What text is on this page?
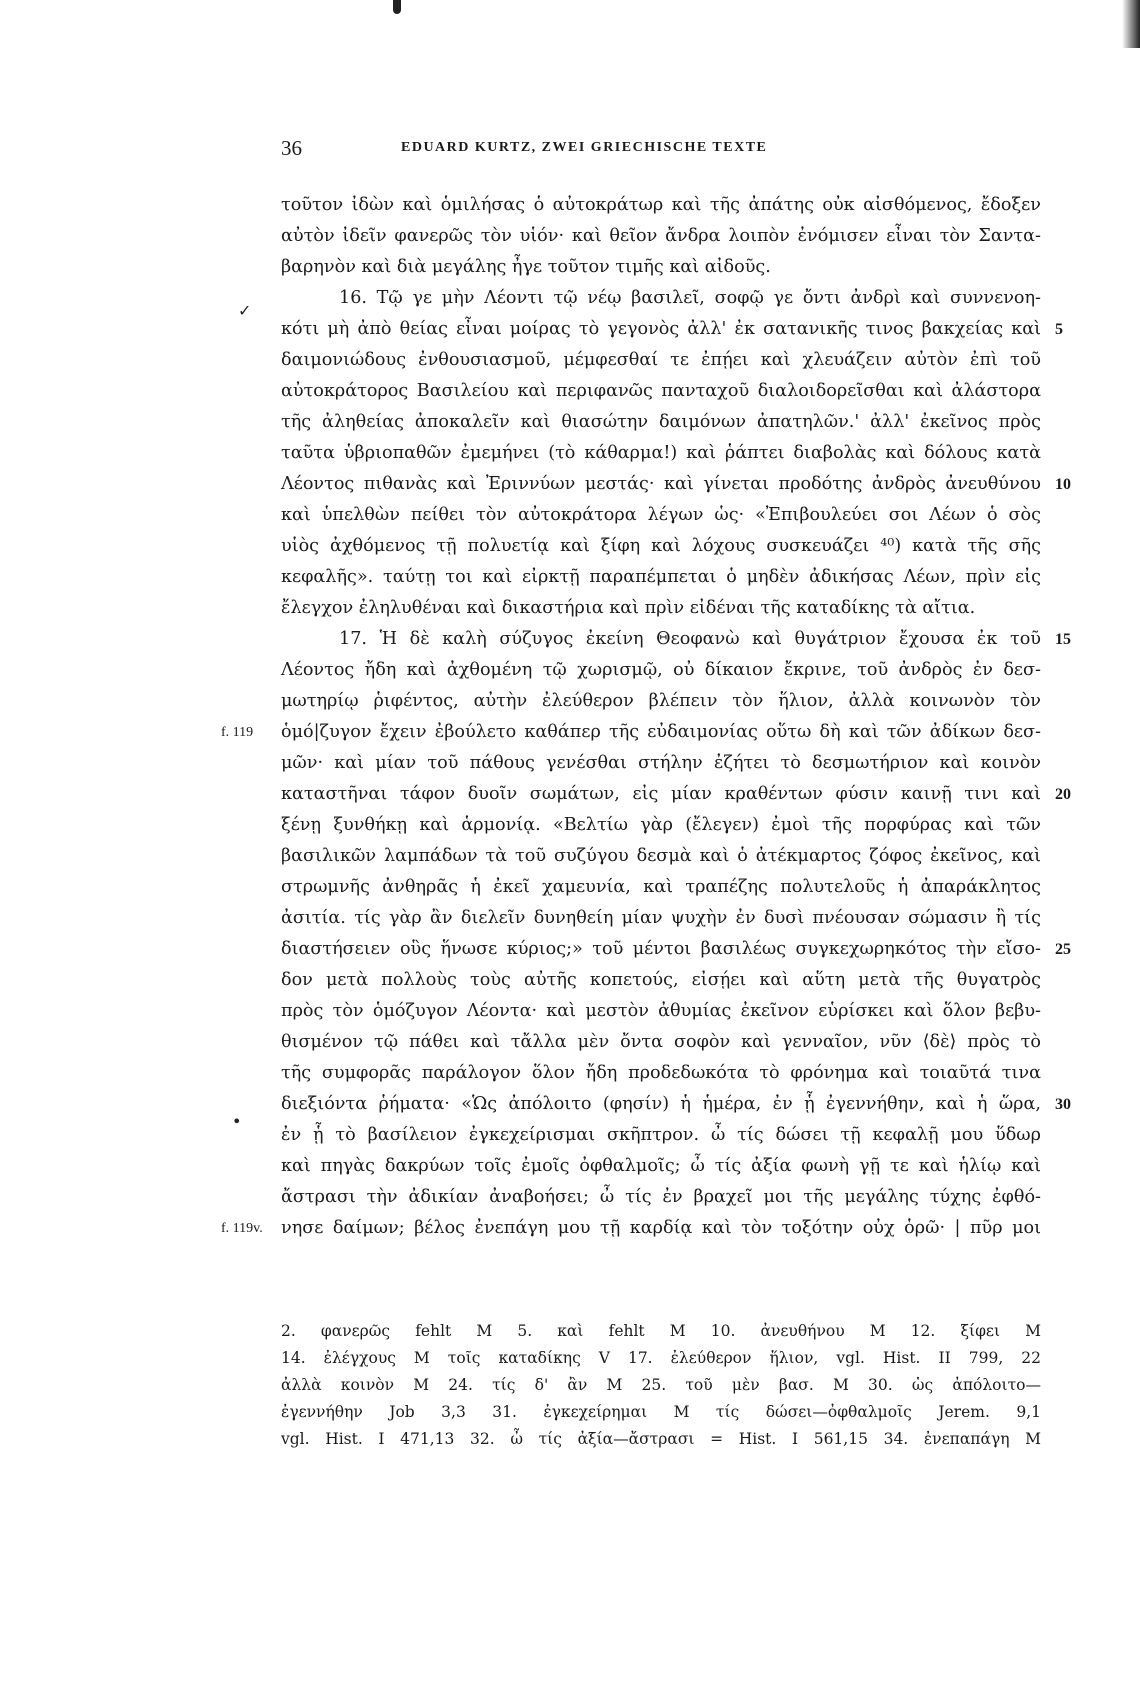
36	EDUARD KURTZ, ZWEI GRIECHISCHE TEXTE
τοῦτον ἰδὼν καὶ ὁμιλήσας ὁ αὐτοκράτωρ καὶ τῆς ἀπάτης οὐκ αἰσθόμενος, ἔδοξεν
αὐτὸν ἰδεῖν φανερῶς τὸν υἱόν· καὶ θεῖον ἄνδρα λοιπὸν ἐνόμισεν εἶναι τὸν Σαντα-
βαρηνὸν καὶ διὰ μεγάλης ἦγε τοῦτον τιμῆς καὶ αἰδοῦς.
16. Τῷ γε μὴν Λέοντι τῷ νέῳ βασιλεῖ, σοφῷ γε ὄντι ἀνδρὶ καὶ συννενοη-
κότι μὴ ἀπὸ θείας εἶναι μοίρας τὸ γεγονὸς ἀλλ' ἐκ σατανικῆς τινος βακχείας καὶ 5
δαιμονιώδους ἐνθουσιασμοῦ, μέμφεσθαί τε ἐπῄει καὶ χλευάζειν αὐτὸν ἐπὶ τοῦ
αὐτοκράτορος Βασιλείου καὶ περιφανῶς πανταχοῦ διαλοιδορεῖσθαι καὶ ἀλάστορα
τῆς ἀληθείας ἀποκαλεῖν καὶ θιασώτην δαιμόνων ἀπατηλῶν.' ἀλλ' ἐκεῖνος πρὸς
ταῦτα ὑβριοπαθῶν ἐμεμήνει (τὸ κάθαρμα!) καὶ ῥάπτει διαβολὰς καὶ δόλους κατὰ
Λέοντος πιθανὰς καὶ Ἐριννύων μεστάς· καὶ γίνεται προδότης ἀνδρὸς ἀνευθύνου 10
καὶ ὑπελθὼν πείθει τὸν αὐτοκράτορα λέγων ὡς· «Ἐπιβουλεύει σοι Λέων ὁ σὸς
υἱὸς ἀχθόμενος τῇ πολυετίᾳ καὶ ξίφη καὶ λόχους συσκευάζει ⁴⁰) κατὰ τῆς σῆς
κεφαλῆς». ταύτῃ τοι καὶ εἰρκτῇ παραπέμπεται ὁ μηδὲν ἀδικήσας Λέων, πρὶν εἰς
ἔλεγχον ἐληλυθέναι καὶ δικαστήρια καὶ πρὶν εἰδέναι τῆς καταδίκης τὰ αἴτια.
17. Ἡ δὲ καλὴ σύζυγος ἐκείνη Θεοφανὼ καὶ θυγάτριον ἔχουσα ἐκ τοῦ 15
Λέοντος ἤδη καὶ ἀχθομένη τῷ χωρισμῷ, οὐ δίκαιον ἔκρινε, τοῦ ἀνδρὸς ἐν δεσ-
μωτηρίῳ ῥιφέντος, αὐτὴν ἐλεύθερον βλέπειν τὸν ἥλιον, ἀλλὰ κοινωνὸν τὸν
ὁμό|ζυγον ἔχειν ἐβούλετο καθάπερ τῆς εὐδαιμονίας οὕτω δὴ καὶ τῶν ἀδίκων δεσ-
f. 119
μῶν· καὶ μίαν τοῦ πάθους γενέσθαι στήλην ἐζήτει τὸ δεσμωτήριον καὶ κοινὸν
καταστῆναι τάφον δυοῖν σωμάτων, εἰς μίαν κραθέντων φύσιν καινῇ τινι καὶ 20
ξένῃ ξυνθήκῃ καὶ ἁρμονίᾳ. «Βελτίω γὰρ (ἔλεγεν) ἐμοὶ τῆς πορφύρας καὶ τῶν
βασιλικῶν λαμπάδων τὰ τοῦ συζύγου δεσμὰ καὶ ὁ ἀτέκμαρτος ζόφος ἐκεῖνος, καὶ
στρωμνῆς ἀνθηρᾶς ἡ ἐκεῖ χαμευνία, καὶ τραπέζης πολυτελοῦς ἡ ἀπαράκλητος
ἀσιτία. τίς γὰρ ἂν διελεῖν δυνηθείη μίαν ψυχὴν ἐν δυσὶ πνέουσαν σώμασιν ἢ τίς
διαστήσειεν οὓς ἥνωσε κύριος;» τοῦ μέντοι βασιλέως συγκεχωρηκότος τὴν εἴσο- 25
δον μετὰ πολλοὺς τοὺς αὐτῆς κοπετούς, εἰσῄει καὶ αὕτη μετὰ τῆς θυγατρὸς
πρὸς τὸν ὁμόζυγον Λέοντα· καὶ μεστὸν ἀθυμίας ἐκεῖνον εὑρίσκει καὶ ὅλον βεβυ-
θισμένον τῷ πάθει καὶ τἄλλα μὲν ὄντα σοφὸν καὶ γενναῖον, νῦν ⟨δὲ⟩ πρὸς τὸ
τῆς συμφορᾶς παράλογον ὅλον ἤδη προδεδωκότα τὸ φρόνημα καὶ τοιαῦτά τινα
διεξιόντα ῥήματα· «Ὡς ἀπόλοιτο (φησίν) ἡ ἡμέρα, ἐν ᾗ ἐγεννήθην, καὶ ἡ ὥρα, 30
ἐν ᾗ τὸ βασίλειον ἐγκεχείρισμαι σκῆπτρον. ὦ τίς δώσει τῇ κεφαλῇ μου ὕδωρ
καὶ πηγὰς δακρύων τοῖς ἐμοῖς ὀφθαλμοῖς; ὦ τίς ἀξία φωνὴ γῇ τε καὶ ἡλίῳ καὶ
ἄστρασι τὴν ἀδικίαν ἀναβοήσει; ὦ τίς ἐν βραχεῖ μοι τῆς μεγάλης τύχης ἐφθό-
νησε δαίμων; βέλος ἐνεπάγη μου τῇ καρδίᾳ καὶ τὸν τοξότην οὐχ ὁρῶ· | πῦρ μοι
f. 119v.
2. φανερῶς fehlt M 5. καὶ fehlt M 10. ἀνευθήνου M 12. ξίφει M
14. ἐλέγχους M τοῖς καταδίκης V 17. ἐλεύθερον ἥλιον, vgl. Hist. II 799, 22
ἀλλὰ κοινὸν M 24. τίς δ' ἂν M 25. τοῦ μὲν βασ. M 30. ὡς ἀπόλοιτο—
ἐγεννήθην Job 3,3 31. ἐγκεχείρημαι M τίς δώσει—ὀφθαλμοῖς Jerem. 9,1
vgl. Hist. I 471,13 32. ὦ τίς ἀξία—ἄστρασι = Hist. I 561,15 34. ἐνεπαπάγη M
✓
•
